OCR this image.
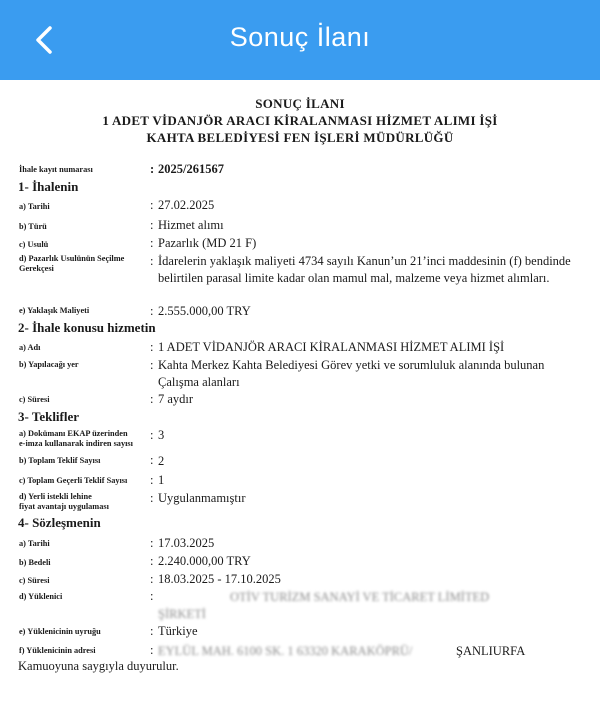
Sonuç İlanı
SONUÇ İLANI
1 ADET VİDANJÖR ARACI KİRALANMASI HİZMET ALIMI İŞİ
KAHTA BELEDİYESİ FEN İŞLERİ MÜDÜRLÜĞÜ
İhale kayıt numarası	: 2025/261567
1- İhalenin
a) Tarihi	: 27.02.2025
b) Türü	: Hizmet alımı
c) Usulü	: Pazarlık (MD 21 F)
d) Pazarlık Usulünün Seçilme
Gerekçesi
: İdarelerin yaklaşık maliyeti 4734 sayılı Kanun’un 21’inci maddesinin (f) bendinde belirtilen parasal limite kadar olan mamul mal, malzeme veya hizmet alımları.
e) Yaklaşık Maliyeti	: 2.555.000,00 TRY
2- İhale konusu hizmetin
a) Adı	: 1 ADET VİDANJÖR ARACI KİRALANMASI HİZMET ALIMI İŞİ
b) Yapılacağı yer	: Kahta Merkez Kahta Belediyesi Görev yetki ve sorumluluk alanında bulunan Çalışma alanları
c) Süresi	: 7 aydır
3- Teklifler
a) Dokümanı EKAP üzerinden
e-imza kullanarak indiren sayısı
: 3
b) Toplam Teklif Sayısı	: 2
c) Toplam Geçerli Teklif Sayısı : 1
d) Yerli istekli lehine
fiyat avantajı uygulaması
: Uygulanmamıştır
4- Sözleşmenin
a) Tarihi	: 17.03.2025
b) Bedeli	: 2.240.000,00 TRY
c) Süresi	: 18.03.2025 - 17.10.2025
d) Yüklenici	:	OTİV TURİZM SANAYİ VE TİCARET LİMİTED
ŞİRKETİ
e) Yüklenicinin uyruğu	: Türkiye
f) Yüklenicinin adresi	: EYLÜL MAH. 6100 SK. 1 63320 KARAKÖPRÜ/	ŞANLIURFA
Kamuoyuna saygıyla duyurulur.
